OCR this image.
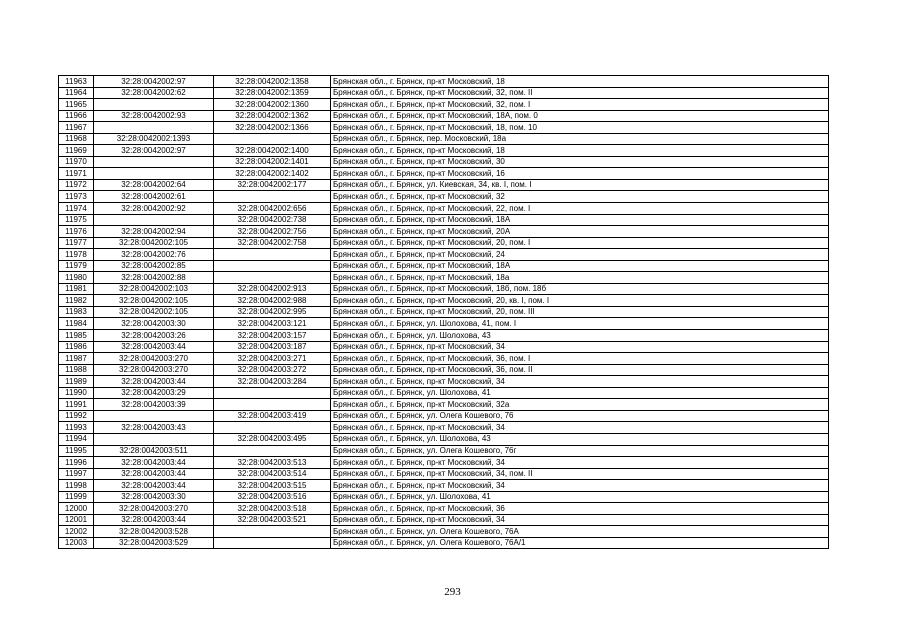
11963	32:28:0042002:97	32:28:0042002:1358	Брянская обл., г. Брянск, пр-кт Московский, 18
11964	32:28:0042002:62	32:28:0042002:1359	Брянская обл., г. Брянск, пр-кт Московский, 32, пом. II
11965		32:28:0042002:1360	Брянская обл., г. Брянск, пр-кт Московский, 32, пом. I
11966	32:28:0042002:93	32:28:0042002:1362	Брянская обл., г. Брянск, пр-кт Московский, 18А, пом. 0
11967		32:28:0042002:1366	Брянская обл., г. Брянск, пр-кт Московский, 18, пом. 10
11968	32:28:0042002:1393		Брянская обл., г. Брянск, пер. Московский, 18а
11969	32:28:0042002:97	32:28:0042002:1400	Брянская обл., г. Брянск, пр-кт Московский, 18
11970		32:28:0042002:1401	Брянская обл., г. Брянск, пр-кт Московский, 30
11971		32:28:0042002:1402	Брянская обл., г. Брянск, пр-кт Московский, 16
11972	32:28:0042002:64	32:28:0042002:177	Брянская обл., г. Брянск, ул. Киевская, 34, кв. I, пом. I
11973	32:28:0042002:61		Брянская обл., г. Брянск, пр-кт Московский, 32
11974	32:28:0042002:92	32:28:0042002:656	Брянская обл., г. Брянск, пр-кт Московский, 22, пом. I
11975		32:28:0042002:738	Брянская обл., г. Брянск, пр-кт Московский, 18А
11976	32:28:0042002:94	32:28:0042002:756	Брянская обл., г. Брянск, пр-кт Московский, 20А
11977	32:28:0042002:105	32:28:0042002:758	Брянская обл., г. Брянск, пр-кт Московский, 20, пом. I
11978	32:28:0042002:76		Брянская обл., г. Брянск, пр-кт Московский, 24
11979	32:28:0042002:85		Брянская обл., г. Брянск, пр-кт Московский, 18А
11980	32:28:0042002:88		Брянская обл., г. Брянск, пр-кт Московский, 18а
11981	32:28:0042002:103	32:28:0042002:913	Брянская обл., г. Брянск, пр-кт Московский, 18б, пом. 18б
11982	32:28:0042002:105	32:28:0042002:988	Брянская обл., г. Брянск, пр-кт Московский, 20, кв. I, пом. I
11983	32:28:0042002:105	32:28:0042002:995	Брянская обл., г. Брянск, пр-кт Московский, 20, пом. III
11984	32:28:0042003:30	32:28:0042003:121	Брянская обл., г. Брянск, ул. Шолохова, 41, пом. I
11985	32:28:0042003:26	32:28:0042003:157	Брянская обл., г. Брянск, ул. Шолохова, 43
11986	32:28:0042003:44	32:28:0042003:187	Брянская обл., г. Брянск, пр-кт Московский, 34
11987	32:28:0042003:270	32:28:0042003:271	Брянская обл., г. Брянск, пр-кт Московский, 36, пом. I
11988	32:28:0042003:270	32:28:0042003:272	Брянская обл., г. Брянск, пр-кт Московский, 36, пом. II
11989	32:28:0042003:44	32:28:0042003:284	Брянская обл., г. Брянск, пр-кт Московский, 34
11990	32:28:0042003:29		Брянская обл., г. Брянск, ул. Шолохова, 41
11991	32:28:0042003:39		Брянская обл., г. Брянск, пр-кт Московский, 32а
11992		32:28:0042003:419	Брянская обл., г. Брянск, ул. Олега Кошевого, 76
11993	32:28:0042003:43		Брянская обл., г. Брянск, пр-кт Московский, 34
11994		32:28:0042003:495	Брянская обл., г. Брянск, ул. Шолохова, 43
11995	32:28:0042003:511		Брянская обл., г. Брянск, ул. Олега Кошевого, 76г
11996	32:28:0042003:44	32:28:0042003:513	Брянская обл., г. Брянск, пр-кт Московский, 34
11997	32:28:0042003:44	32:28:0042003:514	Брянская обл., г. Брянск, пр-кт Московский, 34, пом. II
11998	32:28:0042003:44	32:28:0042003:515	Брянская обл., г. Брянск, пр-кт Московский, 34
11999	32:28:0042003:30	32:28:0042003:516	Брянская обл., г. Брянск, ул. Шолохова, 41
12000	32:28:0042003:270	32:28:0042003:518	Брянская обл., г. Брянск, пр-кт Московский, 36
12001	32:28:0042003:44	32:28:0042003:521	Брянская обл., г. Брянск, пр-кт Московский, 34
12002	32:28:0042003:528		Брянская обл., г. Брянск, ул. Олега Кошевого, 76А
12003	32:28:0042003:529		Брянская обл., г. Брянск, ул. Олега Кошевого, 76А/1
293
